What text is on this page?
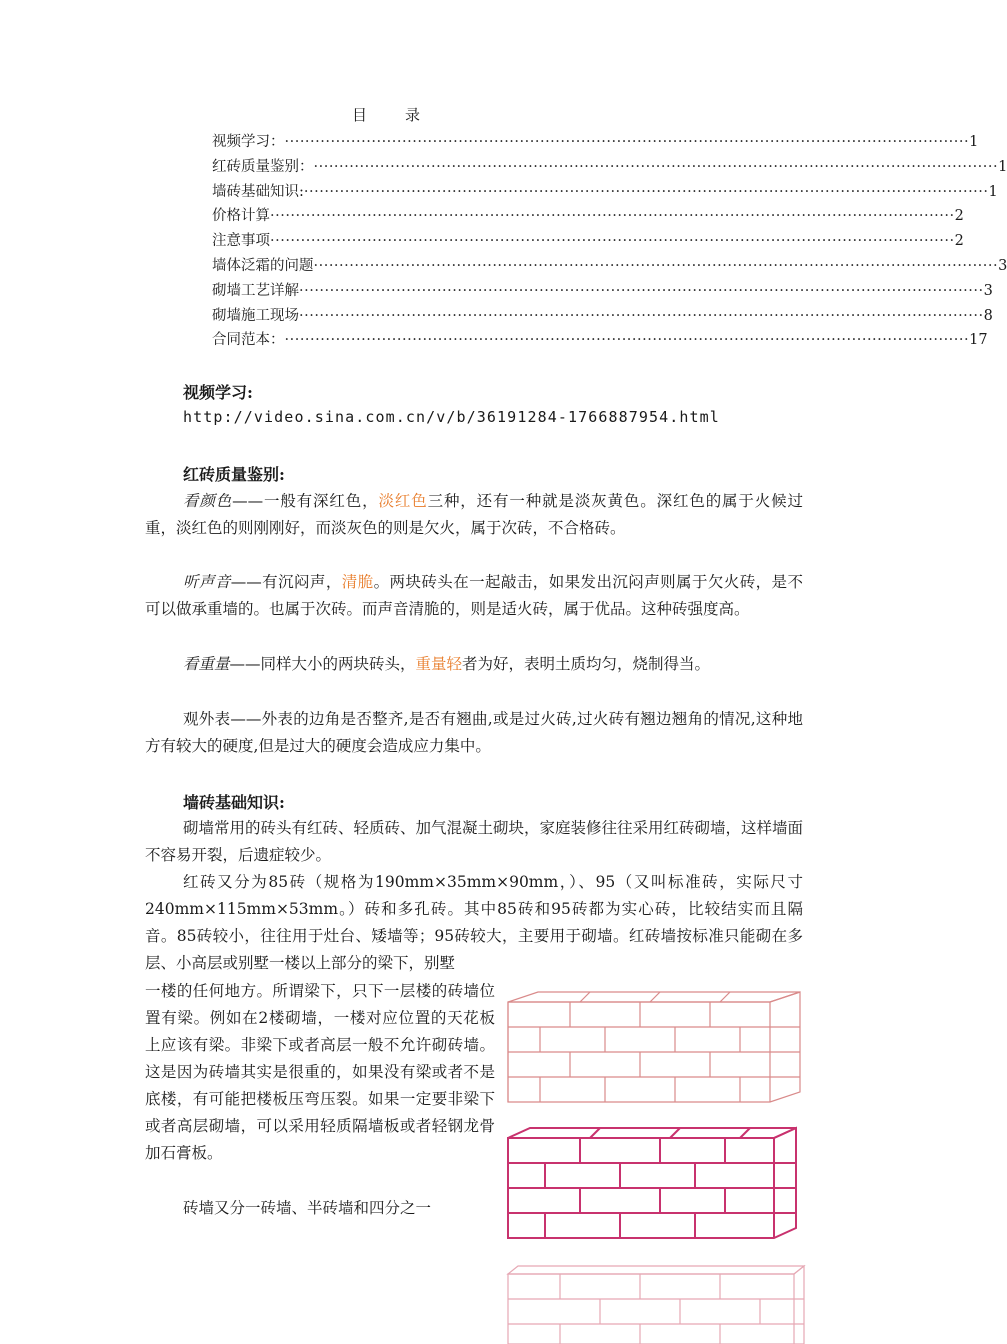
目 录
视频学习： ······································································································································ 1
红砖质量鉴别： ······································································································································ 1
墙砖基础知识: ······································································································································ 1
价格计算 ······································································································································ 2
注意事项 ······································································································································ 2
墙体泛霜的问题 ······································································································································ 3
砌墙工艺详解 ······································································································································ 3
砌墙施工现场 ······································································································································ 8
合同范本： ······································································································································ 17
视频学习:
http://video.sina.com.cn/v/b/36191284-1766887954.html
红砖质量鉴别:
看颜色——一般有深红色，淡红色三种，还有一种就是淡灰黄色。深红色的属于火候过重，淡红色的则刚刚好，而淡灰色的则是欠火，属于次砖，不合格砖。
听声音——有沉闷声，清脆。两块砖头在一起敲击，如果发出沉闷声则属于欠火砖，是不可以做承重墙的。也属于次砖。而声音清脆的，则是适火砖，属于优品。这种砖强度高。
看重量——同样大小的两块砖头，重量轻者为好，表明土质均匀，烧制得当。
观外表——外表的边角是否整齐,是否有翘曲,或是过火砖,过火砖有翘边翘角的情况,这种地方有较大的硬度,但是过大的硬度会造成应力集中。
墙砖基础知识:
砌墙常用的砖头有红砖、轻质砖、加气混凝土砌块，家庭装修往往采用红砖砌墙，这样墙面不容易开裂，后遗症较少。
红砖又分为85砖（规格为190mm×35mm×90mm，）、95（又叫标准砖，实际尺寸240mm×115mm×53mm。）砖和多孔砖。其中85砖和95砖都为实心砖，比较结实而且隔音。85砖较小，往往用于灶台、矮墙等；95砖较大，主要用于砌墙。红砖墙按标准只能砌在多层、小高层或别墅一楼以上部分的梁下，别墅
一楼的任何地方。所谓梁下，只下一层楼的砖墙位置有梁。例如在2楼砌墙，一楼对应位置的天花板上应该有梁。非梁下或者高层一般不允许砌砖墙。这是因为砖墙其实是很重的，如果没有梁或者不是底楼，有可能把楼板压弯压裂。如果一定要非梁下或者高层砌墙，可以采用轻质隔墙板或者轻钢龙骨加石膏板。
砖墙又分一砖墙、半砖墙和四分之一
